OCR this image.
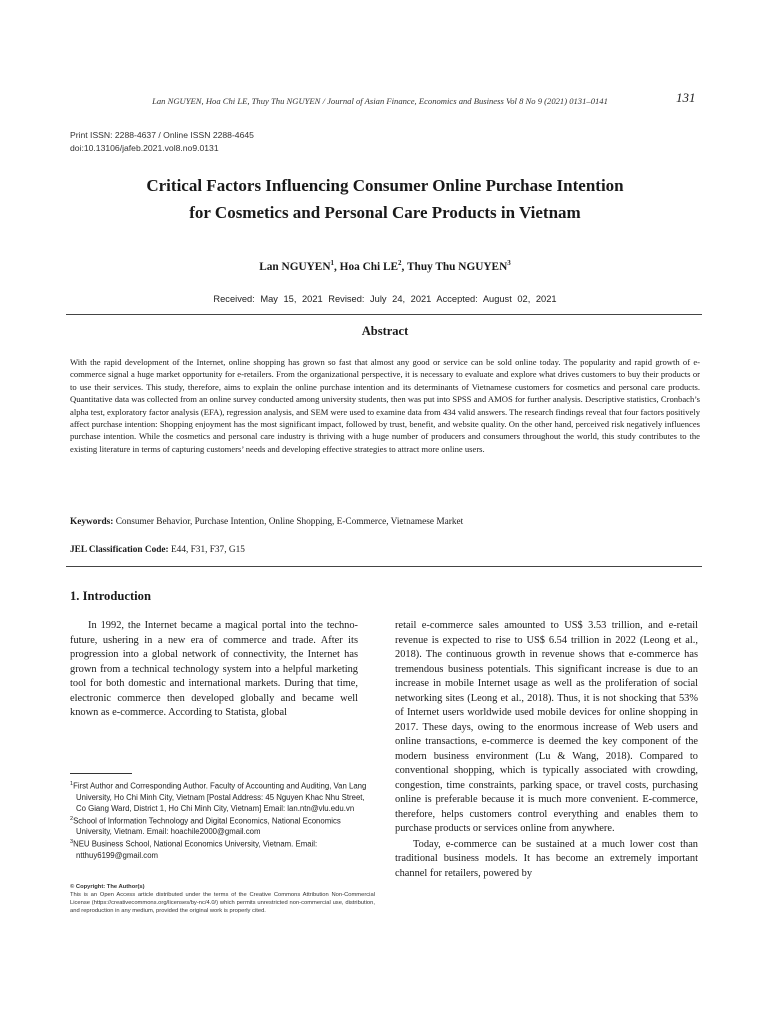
Lan NGUYEN, Hoa Chi LE, Thuy Thu NGUYEN / Journal of Asian Finance, Economics and Business Vol 8 No 9 (2021) 0131–0141	131
Print ISSN: 2288-4637 / Online ISSN 2288-4645
doi:10.13106/jafeb.2021.vol8.no9.0131
Critical Factors Influencing Consumer Online Purchase Intention
for Cosmetics and Personal Care Products in Vietnam
Lan NGUYEN$^1$, Hoa Chi $LE^2$, Thuy Thu NGUYEN$^3$
Received: May 15, 2021 Revised: July 24, 2021 Accepted: August 02, 2021
Abstract
With the rapid development of the Internet, online shopping has grown so fast that almost any good or service can be sold online today. The popularity and rapid growth of e-commerce signal a huge market opportunity for e-retailers. From the organizational perspective, it is necessary to evaluate and explore what drives customers to buy their products or to use their services. This study, therefore, aims to explain the online purchase intention and its determinants of Vietnamese customers for cosmetics and personal care products. Quantitative data was collected from an online survey conducted among university students, then was put into SPSS and AMOS for further analysis. Descriptive statistics, Cronbach’s alpha test, exploratory factor analysis (EFA), regression analysis, and SEM were used to examine data from 434 valid answers. The research findings reveal that four factors positively affect purchase intention: Shopping enjoyment has the most significant impact, followed by trust, benefit, and website quality. On the other hand, perceived risk negatively influences purchase intention. While the cosmetics and personal care industry is thriving with a huge number of producers and consumers throughout the world, this study contributes to the existing literature in terms of capturing customers’ needs and developing effective strategies to attract more online users.
Keywords: Consumer Behavior, Purchase Intention, Online Shopping, E-Commerce, Vietnamese Market
JEL Classification Code: E44, F31, F37, G15
1. Introduction

In 1992, the Internet became a magical portal into the techno-future, ushering in a new era of commerce and trade. After its progression into a global network of connectivity, the Internet has grown from a technical technology system into a helpful marketing tool for both domestic and international markets. During that time, electronic commerce then developed globally and became well known as e-commerce. According to Statista, global

retail e-commerce sales amounted to US$ 3.53 trillion, and e-retail revenue is expected to rise to US$ 6.54 trillion in 2022 (Leong et al., 2018). The continuous growth in revenue shows that e-commerce has tremendous business potentials. This significant increase is due to an increase in mobile Internet usage as well as the proliferation of social networking sites (Leong et al., 2018). Thus, it is not shocking that 53% of Internet users worldwide used mobile devices for online shopping in 2017. These days, owing to the enormous increase of Web users and online transactions, e-commerce is deemed the key component of the modern business environment (Lu & Wang, 2018). Compared to conventional shopping, which is typically associated with crowding, congestion, time constraints, parking space, or travel costs, purchasing online is preferable because it is much more convenient. E-commerce, therefore, helps customers control everything and enables them to purchase products or services online from anywhere.

Today, e-commerce can be sustained at a much lower cost than traditional business models. It has become an extremely important channel for retailers, powered by

$^1$First Author and Corresponding Author. Faculty of Accounting and Auditing, Van Lang University, Ho Chi Minh City, Vietnam [Postal Address: 45 Nguyen Khac Nhu Street, Co Giang Ward, District 1, Ho Chi Minh City, Vietnam] Email: lan.ntn@vlu.edu.vn

$^2$School of Information Technology and Digital Economics, National Economics University, Vietnam. Email: hoachile2000@gmail.com

$^3$NEU Business School, National Economics University, Vietnam. Email: ntthuy6199@gmail.com

© Copyright: The Author(s)
This is an Open Access article distributed under the terms of the Creative Commons Attribution Non-Commercial License (https://creativecommons.org/licenses/by-nc/4.0/) which permits unrestricted non-commercial use, distribution, and reproduction in any medium, provided the original work is properly cited.
